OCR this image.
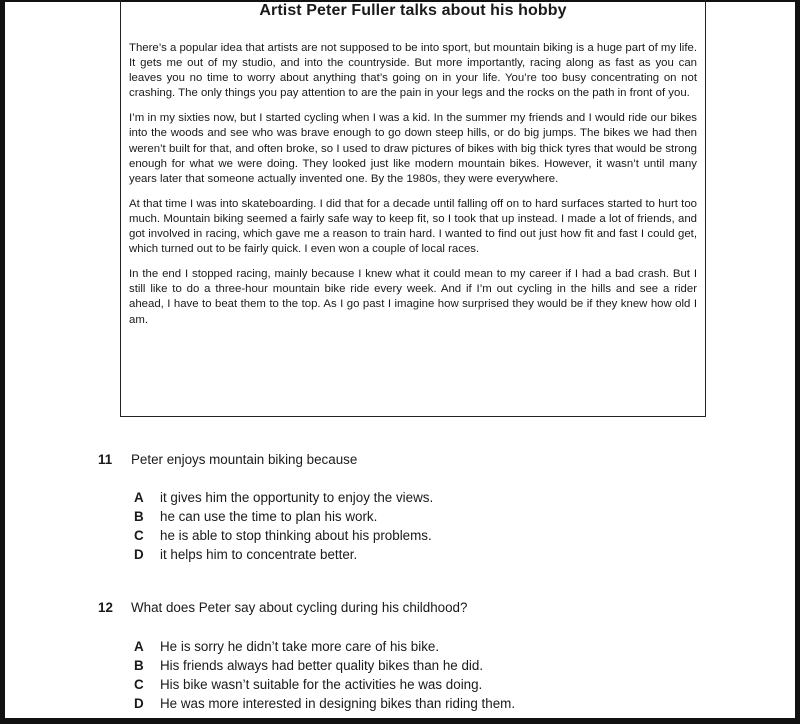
Artist Peter Fuller talks about his hobby

There’s a popular idea that artists are not supposed to be into sport, but mountain biking is a huge part of my life. It gets me out of my studio, and into the countryside. But more importantly, racing along as fast as you can leaves you no time to worry about anything that’s going on in your life. You’re too busy concentrating on not crashing. The only things you pay attention to are the pain in your legs and the rocks on the path in front of you.

I’m in my sixties now, but I started cycling when I was a kid. In the summer my friends and I would ride our bikes into the woods and see who was brave enough to go down steep hills, or do big jumps. The bikes we had then weren’t built for that, and often broke, so I used to draw pictures of bikes with big thick tyres that would be strong enough for what we were doing. They looked just like modern mountain bikes. However, it wasn’t until many years later that someone actually invented one. By the 1980s, they were everywhere.

At that time I was into skateboarding. I did that for a decade until falling off on to hard surfaces started to hurt too much. Mountain biking seemed a fairly safe way to keep fit, so I took that up instead. I made a lot of friends, and got involved in racing, which gave me a reason to train hard. I wanted to find out just how fit and fast I could get, which turned out to be fairly quick. I even won a couple of local races.

In the end I stopped racing, mainly because I knew what it could mean to my career if I had a bad crash. But I still like to do a three-hour mountain bike ride every week. And if I’m out cycling in the hills and see a rider ahead, I have to beat them to the top. As I go past I imagine how surprised they would be if they knew how old I am.

11 Peter enjoys mountain biking because
A it gives him the opportunity to enjoy the views.
B he can use the time to plan his work.
C he is able to stop thinking about his problems.
D it helps him to concentrate better.
12 What does Peter say about cycling during his childhood?
A He is sorry he didn’t take more care of his bike.
B His friends always had better quality bikes than he did.
C His bike wasn’t suitable for the activities he was doing.
D He was more interested in designing bikes than riding them.
